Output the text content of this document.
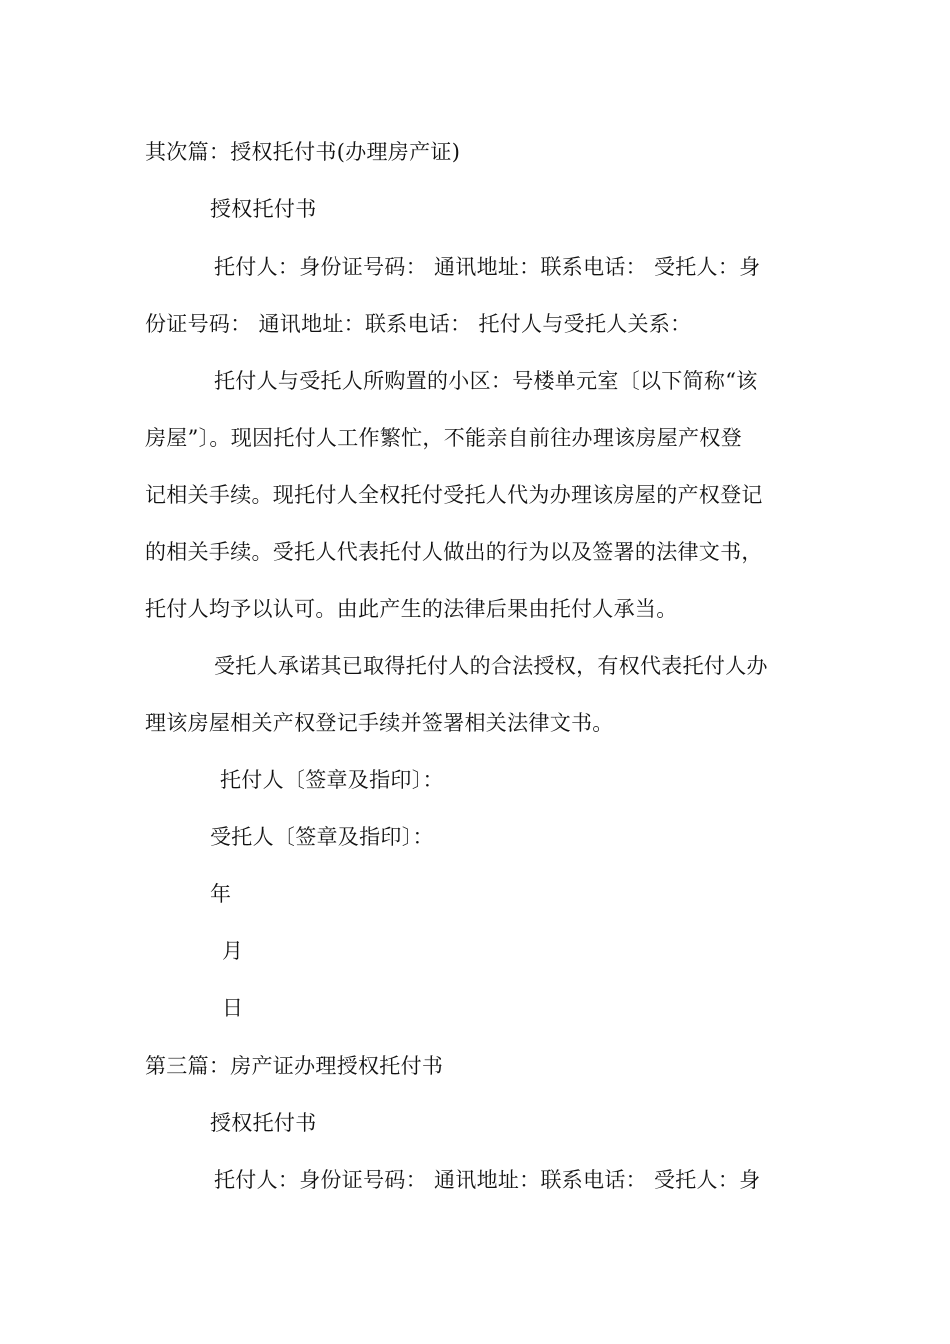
其次篇：授权托付书(办理房产证)
授权托付书
托付人：身份证号码： 通讯地址：联系电话： 受托人：身
份证号码： 通讯地址：联系电话： 托付人与受托人关系：
托付人与受托人所购置的小区：号楼单元室〔以下简称“该
房屋”〕。现因托付人工作繁忙，不能亲自前往办理该房屋产权登
记相关手续。现托付人全权托付受托人代为办理该房屋的产权登记
的相关手续。受托人代表托付人做出的行为以及签署的法律文书，
托付人均予以认可。由此产生的法律后果由托付人承当。
受托人承诺其已取得托付人的合法授权，有权代表托付人办
理该房屋相关产权登记手续并签署相关法律文书。
托付人〔签章及指印〕：
受托人〔签章及指印〕：
年
月
日
第三篇：房产证办理授权托付书
授权托付书
托付人：身份证号码： 通讯地址：联系电话： 受托人：身
